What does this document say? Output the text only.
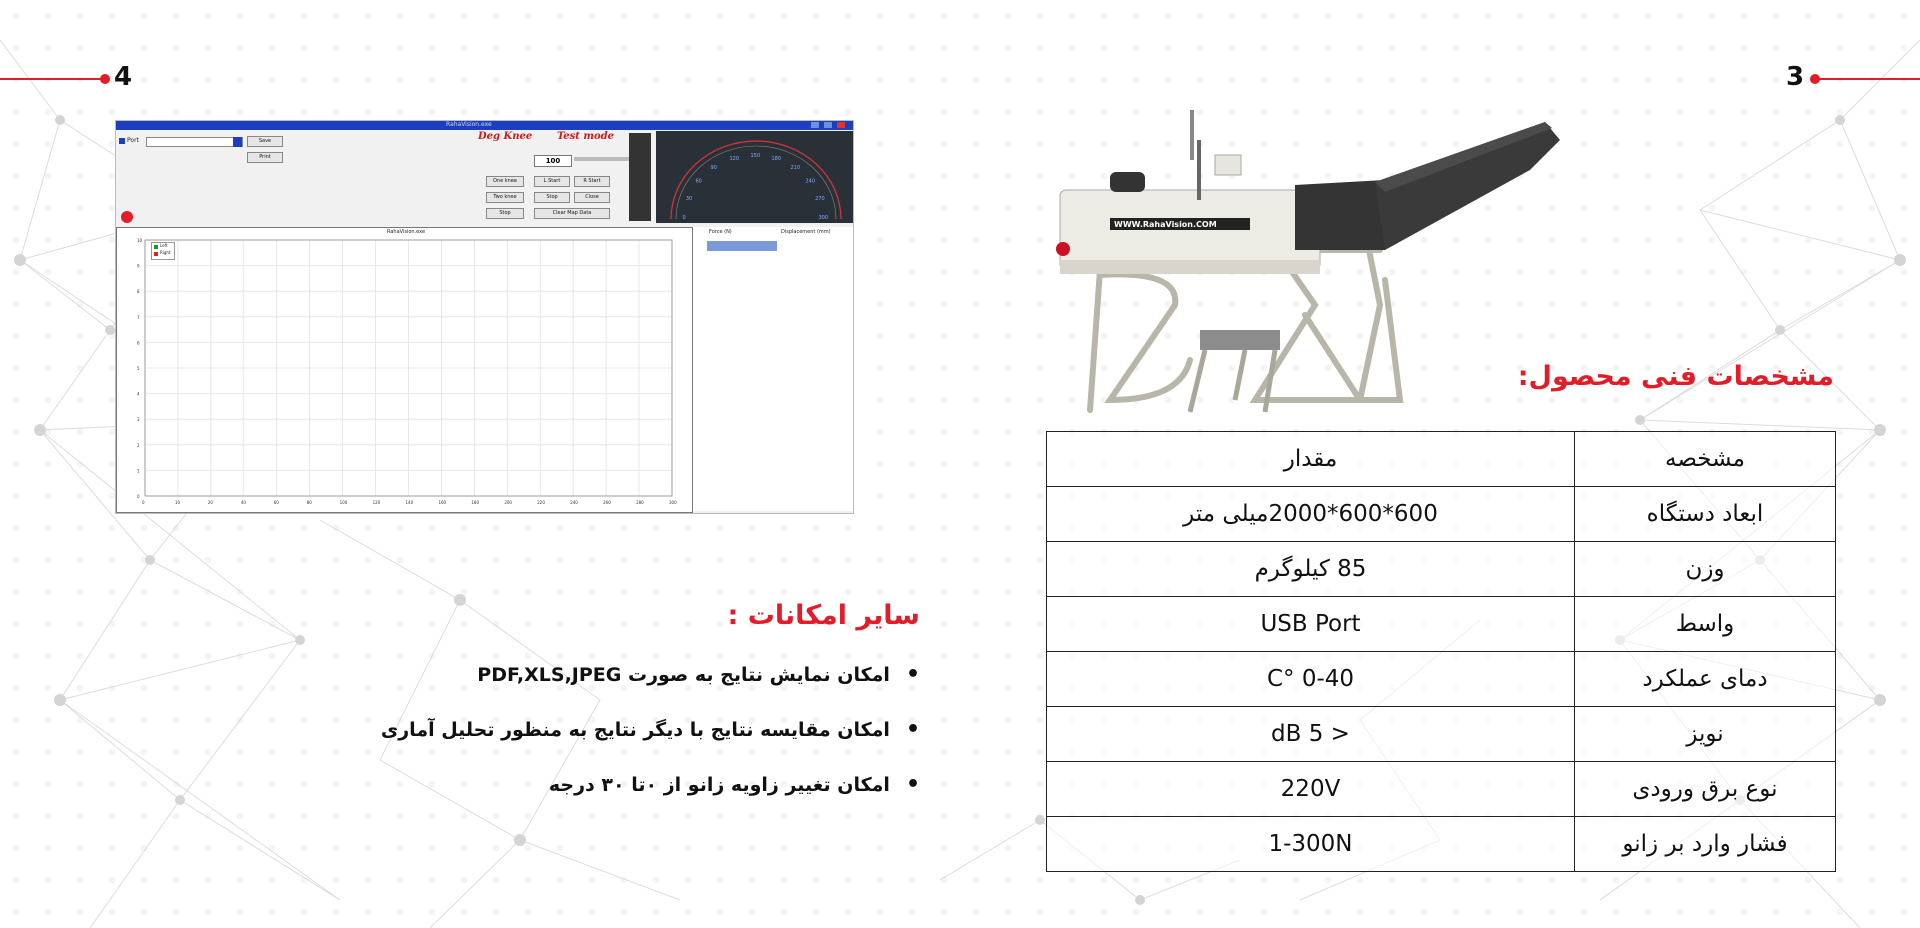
4	3
RahaVision.exe
Port	Save
Print
Deg Knee Test mode
100
One knee
Two knee
Stop
L Start	R Start
Stop	Close
Clear Map Data
0
30
60
90
120
150
180
210
240
270
300
RahaVision.exe
10
9
8
7
6
5
4
3
2
1
0
0	10	20	40	60	80	100	120	140	160	180	200	220	240	260	280	300
Left
Right
Force (N)	Displacement (mm)
سایر امکانات :
•امکان نمایش نتایج به صورت PDF,XLS,JPEG
•امکان مقایسه نتایج با دیگر نتایج به منظور تحلیل آماری
•امکان تغییر زاویه زانو از ۰تا ۳۰ درجه
WWW.RahaVision.COM
مشخصات فنی محصول:
مشخصه	مقدار
ابعاد دستگاه	600*600*2000میلی متر
وزن	85 کیلوگرم
واسط	USB Port
دمای عملکرد	0-40 °C
نویز	< 5 dB
نوع برق ورودی	220V
فشار وارد بر زانو	1-300N
